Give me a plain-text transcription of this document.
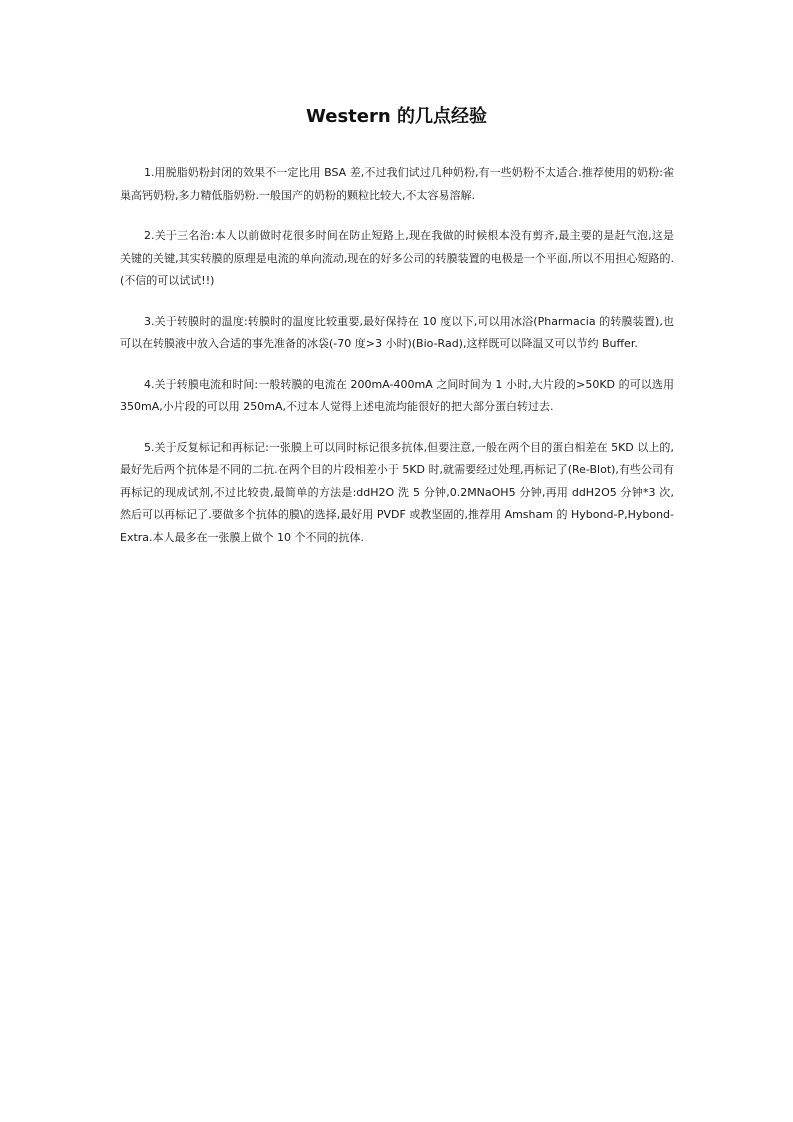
Western 的几点经验

1.用脱脂奶粉封闭的效果不一定比用 BSA 差,不过我们试过几种奶粉,有一些奶粉不太适合.推荐使用的奶粉:雀巢高钙奶粉,多力精低脂奶粉.一般国产的奶粉的颗粒比较大,不太容易溶解.

2.关于三名治:本人以前做时花很多时间在防止短路上,现在我做的时候根本没有剪齐,最主要的是赶气泡,这是关键的关键,其实转膜的原理是电流的单向流动,现在的好多公司的转膜装置的电极是一个平面,所以不用担心短路的.(不信的可以试试!!)

3.关于转膜时的温度:转膜时的温度比较重要,最好保持在 10 度以下,可以用冰浴(Pharmacia 的转膜装置),也可以在转膜液中放入合适的事先准备的冰袋(-70 度>3 小时)(Bio-Rad),这样既可以降温又可以节约 Buffer.

4.关于转膜电流和时间:一般转膜的电流在 200mA-400mA 之间时间为 1 小时,大片段的>50KD 的可以选用 350mA,小片段的可以用 250mA,不过本人觉得上述电流均能很好的把大部分蛋白转过去.

5.关于反复标记和再标记:一张膜上可以同时标记很多抗体,但要注意,一般在两个目的蛋白相差在 5KD 以上的,最好先后两个抗体是不同的二抗.在两个目的片段相差小于 5KD 时,就需要经过处理,再标记了(Re-Blot),有些公司有再标记的现成试剂,不过比较贵,最简单的方法是:ddH2O 洗 5 分钟,0.2MNaOH5 分钟,再用 ddH2O5 分钟*3 次,然后可以再标记了.要做多个抗体的膜\的选择,最好用 PVDF 或教坚固的,推荐用 Amsham 的 Hybond-P,Hybond-Extra.本人最多在一张膜上做个 10 个不同的抗体.
